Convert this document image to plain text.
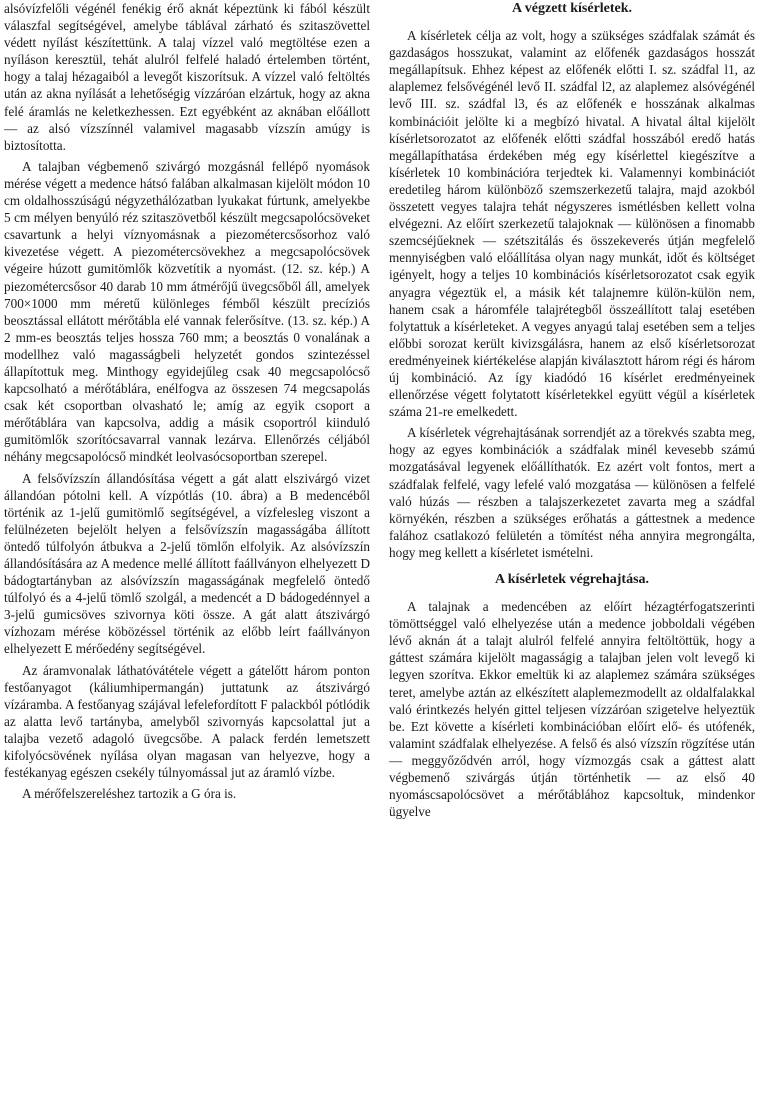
alsóvízfelőli végénél fenékig érő aknát képeztünk ki fából készült válaszfal segítségével, amelybe táblával zárható és szitaszövettel védett nyílást készítettünk. A talaj vízzel való megtöltése ezen a nyíláson keresztül, tehát alulról felfelé haladó értelemben történt, hogy a talaj hézagaiból a levegőt kiszorítsuk. A vízzel való feltöltés után az akna nyílását a lehetőségig vízzáróan elzártuk, hogy az akna felé áramlás ne keletkezhessen. Ezt egyébként az aknában előállott — az alsó vízszínnél valamivel magasabb vízszín amúgy is biztosította.

A talajban végbemenő szivárgó mozgásnál fellépő nyomások mérése végett a medence hátsó falában alkalmasan kijelölt módon 10 cm oldalhosszúságú négyzethálózatban lyukakat fúrtunk, amelyekbe 5 cm mélyen benyúló réz szitaszövetből készült megcsapolócsöveket csavartunk a helyi víznyomásnak a piezométercsősorhoz való kivezetése végett. A piezométercsövekhez a megcsapolócsövek végeire húzott gumitömlők közvetítik a nyomást. (12. sz. kép.) A piezométercsősor 40 darab 10 mm átmérőjű üvegcsőből áll, amelyek 700×1000 mm méretű különleges fémből készült precíziós beosztással ellátott mérőtábla elé vannak felerősítve. (13. sz. kép.) A 2 mm-es beosztás teljes hossza 760 mm; a beosztás 0 vonalának a modellhez való magasságbeli helyzetét gondos szintezéssel állapítottuk meg. Minthogy egyidejűleg csak 40 megcsapolócső kapcsolható a mérőtáblára, enélfogva az összesen 74 megcsapolás csak két csoportban olvasható le; amíg az egyik csoport a mérőtáblára van kapcsolva, addig a másik csoportról kiinduló gumitömlők szorítócsavarral vannak lezárva. Ellenőrzés céljából néhány megcsapolócső mindkét leolvasócsoportban szerepel.

A felsővízszín állandósítása végett a gát alatt elszivárgó vizet állandóan pótolni kell. A vízpótlás (10. ábra) a B medencéből történik az 1-jelű gumitömlő segítségével, a vízfelesleg viszont a felülnézeten bejelölt helyen a felsővízszín magasságába állított öntedő túlfolyón átbukva a 2-jelű tömlőn elfolyik. Az alsóvízszín állandósítására az A medence mellé állított faállványon elhelyezett D bádogtartányban az alsóvízszín magasságának megfelelő öntedő túlfolyó és a 4-jelű tömlő szolgál, a medencét a D bádogedénnyel a 3-jelű gumicsöves szivornya köti össze. A gát alatt átszivárgó vízhozam mérése köbözéssel történik az előbb leírt faállványon elhelyezett E mérőedény segítségével.

Az áramvonalak láthatóvátétele végett a gátelőtt három ponton festőanyagot (káliumhipermangán) juttatunk az átszivárgó vízáramba. A festőanyag szájával lefelefordított F palackból pótlódik az alatta levő tartányba, amelyből szivornyás kapcsolattal jut a talajba vezető adagoló üvegcsőbe. A palack ferdén lemetszett kifolyócsövének nyílása olyan magasan van helyezve, hogy a festékanyag egészen csekély túlnyomással jut az áramló vízbe.

A mérőfelszereléshez tartozik a G óra is.

A végzett kísérletek.

A kísérletek célja az volt, hogy a szükséges szádfalak számát és gazdaságos hosszukat, valamint az előfenék gazdaságos hosszát megállapítsuk. Ehhez képest az előfenék előtti I. sz. szádfal l1, az alaplemez felsővégénél levő II. szádfal l2, az alaplemez alsóvégénél levő III. sz. szádfal l3, és az előfenék e hosszának alkalmas kombinációit jelölte ki a megbízó hivatal. A hivatal által kijelölt kísérletsorozatot az előfenék előtti szádfal hosszából eredő hatás megállapíthatása érdekében még egy kísérlettel kiegészítve a kísérletek 10 kombinációra terjedtek ki. Valamennyi kombinációt eredetileg három különböző szemszerkezetű talajra, majd azokból összetett vegyes talajra tehát négyszeres ismétlésben kellett volna elvégezni. Az előírt szerkezetű talajoknak — különösen a finomabb szemcséjűeknek — szétszitálás és összekeverés útján megfelelő mennyiségben való előállítása olyan nagy munkát, időt és költséget igényelt, hogy a teljes 10 kombinációs kísérletsorozatot csak egyik anyagra végeztük el, a másik két talajnemre külön-külön nem, hanem csak a háromféle talajrétegből összeállított talaj esetében folytattuk a kísérleteket. A vegyes anyagú talaj esetében sem a teljes előbbi sorozat került kivizsgálásra, hanem az első kísérletsorozat eredményeinek kiértékelése alapján kiválasztott három régi és három új kombináció. Az így kiadódó 16 kísérlet eredményeinek ellenőrzése végett folytatott kísérletekkel együtt végül a kísérletek száma 21-re emelkedett.

A kísérletek végrehajtásának sorrendjét az a törekvés szabta meg, hogy az egyes kombinációk a szádfalak minél kevesebb számú mozgatásával legyenek előállíthatók. Ez azért volt fontos, mert a szádfalak felfelé, vagy lefelé való mozgatása — különösen a felfelé való húzás — részben a talajszerkezetet zavarta meg a szádfal környékén, részben a szükséges erőhatás a gáttestnek a medence falához csatlakozó felületén a tömítést néha annyira megrongálta, hogy meg kellett a kísérletet ismételni.

A kísérletek végrehajtása.

A talajnak a medencében az előírt hézagtérfogatszerinti tömöttséggel való elhelyezése után a medence jobboldali végében lévő aknán át a talajt alulról felfelé annyira feltöltöttük, hogy a gáttest számára kijelölt magasságig a talajban jelen volt levegő ki legyen szorítva. Ekkor emeltük ki az alaplemez számára szükséges teret, amelybe aztán az elkészített alaplemezmodellt az oldalfalakkal való érintkezés helyén gittel teljesen vízzáróan szigetelve helyeztük be. Ezt követte a kísérleti kombinációban előírt elő- és utófenék, valamint szádfalak elhelyezése. A felső és alsó vízszín rögzítése után — meggyőződvén arról, hogy vízmozgás csak a gáttest alatt végbemenő szivárgás útján történhetik — az első 40 nyomáscsapolócsövet a mérőtáblához kapcsoltuk, mindenkor ügyelve
